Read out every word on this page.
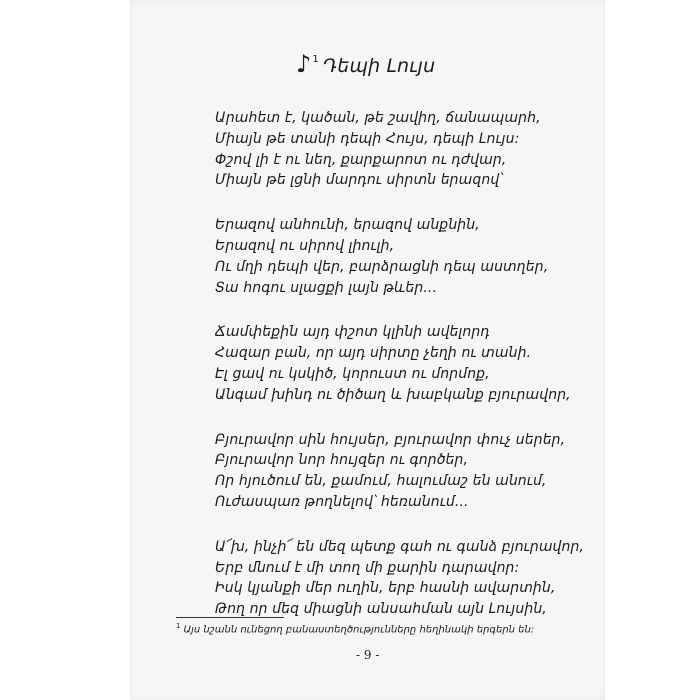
♪ 1 Դեպի Լույս
Արահետ է, կածան, թե շավիղ, ճանապարհ,
Միայն թե տանի դեպի Հույս, դեպի Լույս:
Փշով լի է ու նեղ, քարքարոտ ու դժվար,
Միայն թե լցնի մարդու սիրտն երազով՝
Երազով անհունի, երազով անքնին,
Երազով ու սիրով լիուլի,
Ու մղի դեպի վեր, բարձրացնի դեպ աստղեր,
Տա հոգու սլացքի լայն թևեր...
Ճամփեքին այդ փշոտ կլինի ավելորդ
Հազար բան, որ այդ սիրտը չեղի ու տանի.
Էլ ցավ ու կսկիծ, կորուստ ու մորմոք,
Անգամ խինդ ու ծիծաղ և խաբկանք բյուրավոր,
Բյուրավոր սին հույսեր, բյուրավոր փուչ սերեր,
Բյուրավոր նոր հույզեր ու գործեր,
Որ հյուծում են, քամում, հալումաշ են անում,
Ուժասպառ թողնելով՝ հեռանում...
Ա՜խ, ինչի՜ են մեզ պետք գահ ու գանձ բյուրավոր,
Երբ մնում է մի տող մի քարին դարավոր:
Իսկ կյանքի մեր ուղին, երբ հասնի ավարտին,
Թող որ մեզ միացնի անսահման այն Լույսին,
$^1$ Այս նշանն ունեցող բանաստեղծությունները հեղինակի երգերն են:
- 9 -
